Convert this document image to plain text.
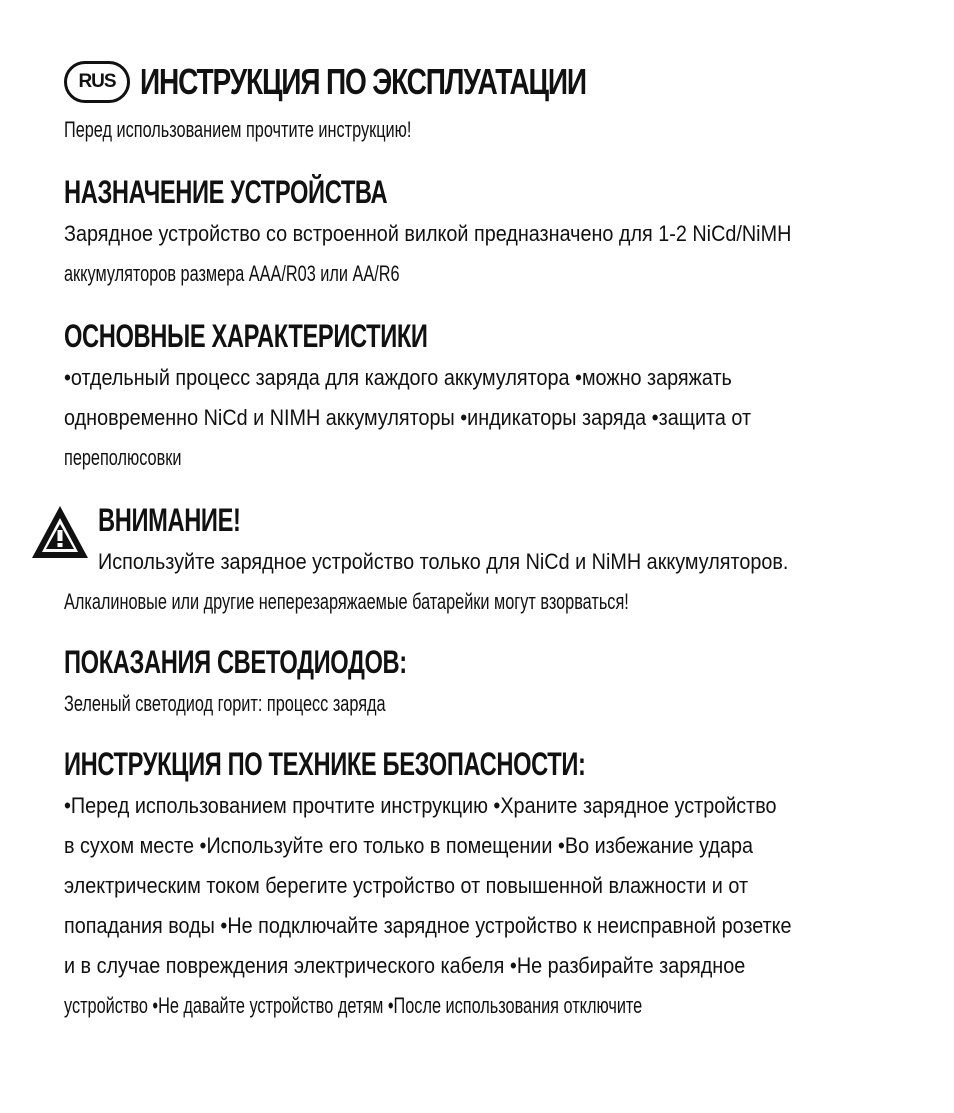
RUS ИНСТРУКЦИЯ ПО ЭКСПЛУАТАЦИИ
Перед использованием прочтите инструкцию!
НАЗНАЧЕНИЕ УСТРОЙСТВА
Зарядное устройство со встроенной вилкой предназначено для 1-2 NiCd/NiMH
аккумуляторов размера AAA/R03 или AA/R6
ОСНОВНЫЕ ХАРАКТЕРИСТИКИ
•отдельный процесс заряда для каждого аккумулятора •можно заряжать
одновременно NiCd и NIMH аккумуляторы •индикаторы заряда •защита от
переполюсовки
ВНИМАНИЕ!
Используйте зарядное устройство только для NiCd и NiMH аккумуляторов.
Алкалиновые или другие неперезаряжаемые батарейки могут взорваться!
ПОКАЗАНИЯ СВЕТОДИОДОВ:
Зеленый светодиод горит: процесс заряда
ИНСТРУКЦИЯ ПО ТЕХНИКЕ БЕЗОПАСНОСТИ:
•Перед использованием прочтите инструкцию •Храните зарядное устройство
в сухом месте •Используйте его только в помещении •Во избежание удара
электрическим током берегите устройство от повышенной влажности и от
попадания воды •Не подключайте зарядное устройство к неисправной розетке
и в случае повреждения электрического кабеля •Не разбирайте зарядное
устройство •Не давайте устройство детям •После использования отключите
